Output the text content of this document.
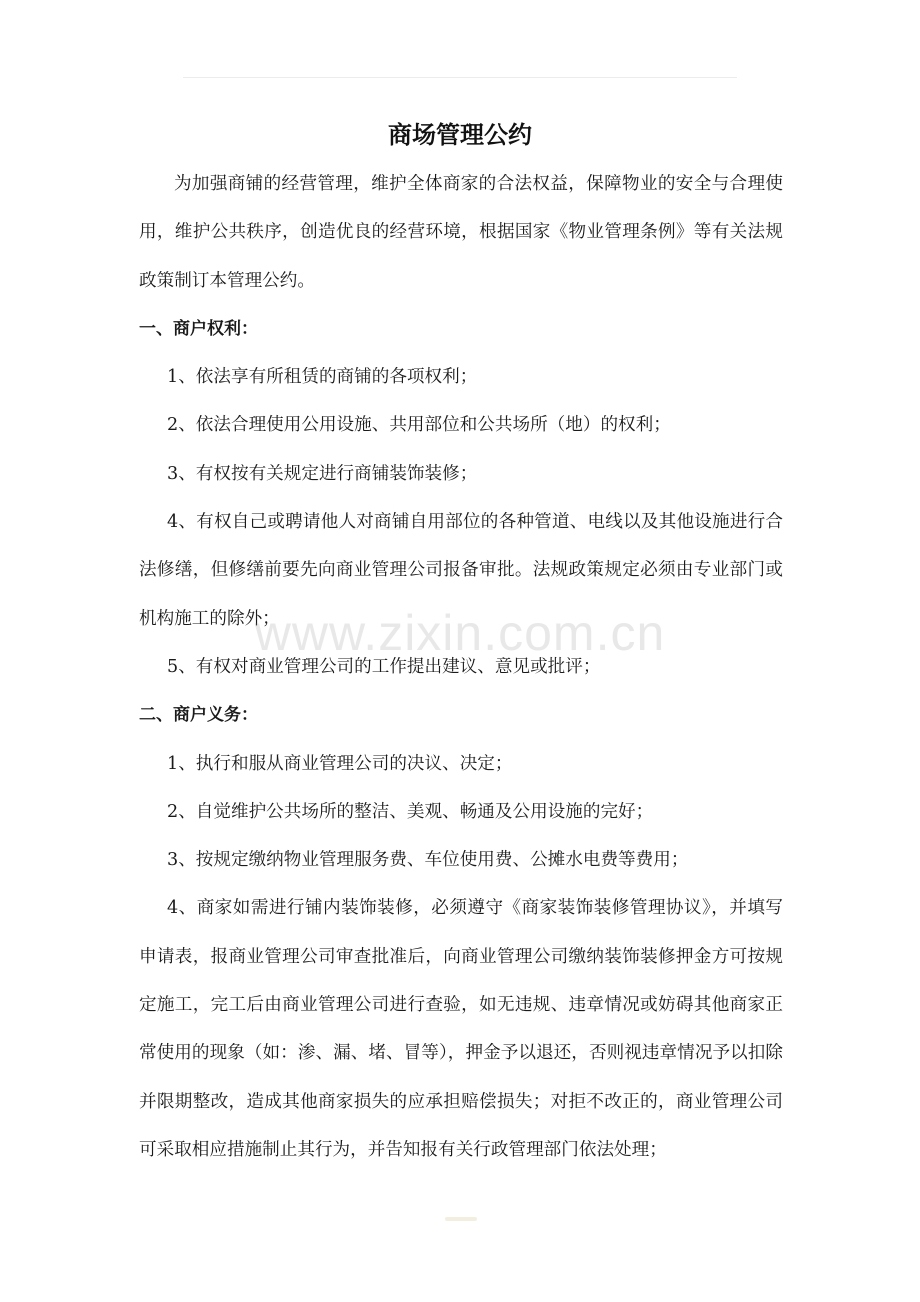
商场管理公约

为加强商铺的经营管理，维护全体商家的合法权益，保障物业的安全与合理使用，维护公共秩序，创造优良的经营环境，根据国家《物业管理条例》等有关法规政策制订本管理公约。

一、商户权利：

1、依法享有所租赁的商铺的各项权利；

2、依法合理使用公用设施、共用部位和公共场所（地）的权利；

3、有权按有关规定进行商铺装饰装修；

4、有权自己或聘请他人对商铺自用部位的各种管道、电线以及其他设施进行合法修缮，但修缮前要先向商业管理公司报备审批。法规政策规定必须由专业部门或机构施工的除外；

5、有权对商业管理公司的工作提出建议、意见或批评；

二、商户义务：

1、执行和服从商业管理公司的决议、决定；

2、自觉维护公共场所的整洁、美观、畅通及公用设施的完好；

3、按规定缴纳物业管理服务费、车位使用费、公摊水电费等费用；

4、商家如需进行铺内装饰装修，必须遵守《商家装饰装修管理协议》，并填写申请表，报商业管理公司审查批准后，向商业管理公司缴纳装饰装修押金方可按规定施工，完工后由商业管理公司进行查验，如无违规、违章情况或妨碍其他商家正常使用的现象（如：渗、漏、堵、冒等），押金予以退还，否则视违章情况予以扣除并限期整改，造成其他商家损失的应承担赔偿损失；对拒不改正的，商业管理公司可采取相应措施制止其行为，并告知报有关行政管理部门依法处理；

www.zixin.com.cn
